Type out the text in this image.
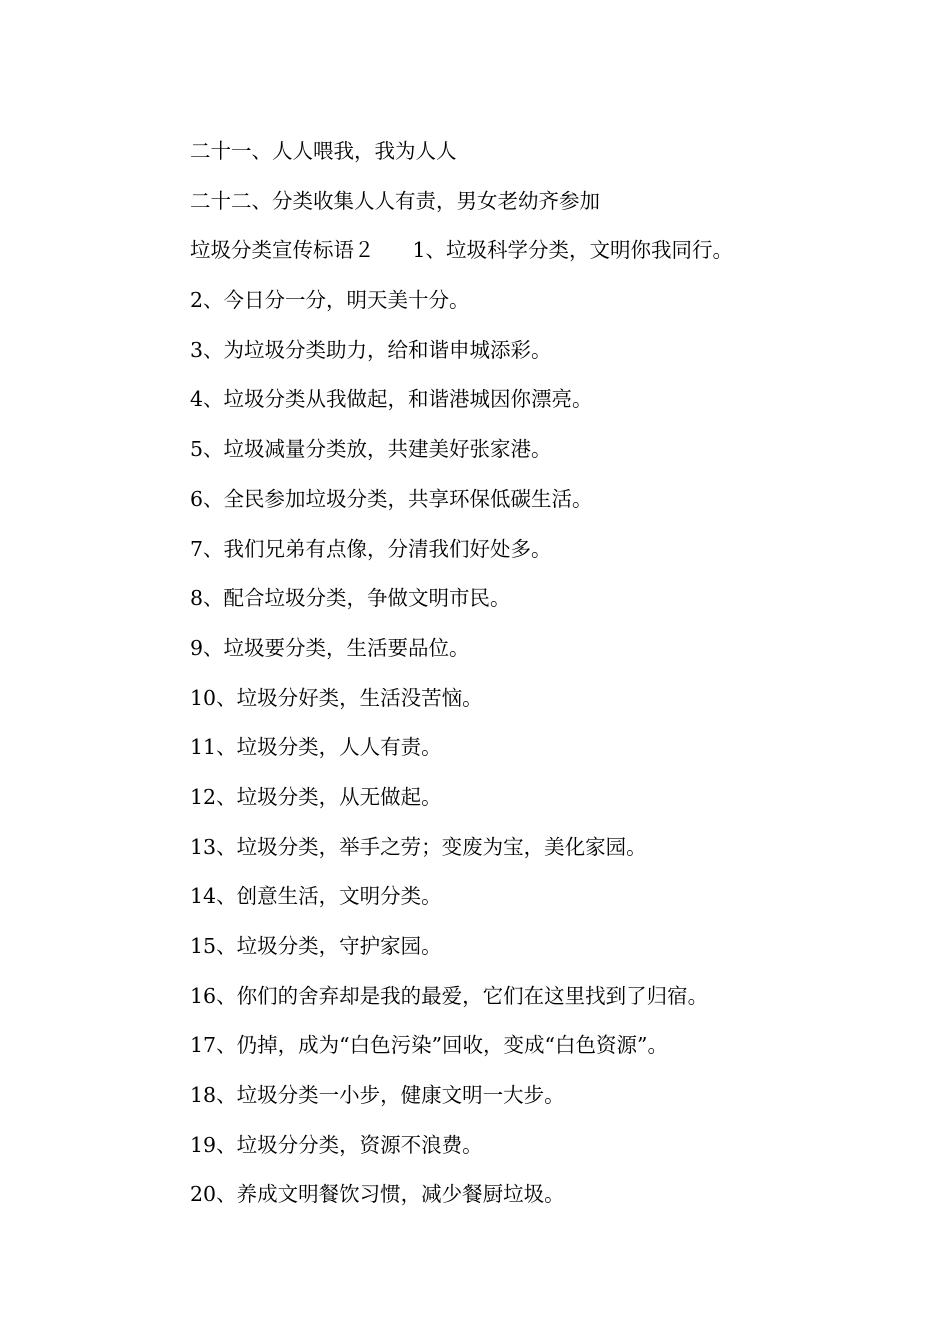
二十一、人人喂我，我为人人
二十二、分类收集人人有责，男女老幼齐参加
垃圾分类宣传标语２ 1、垃圾科学分类，文明你我同行。
2、今日分一分，明天美十分。
3、为垃圾分类助力，给和谐申城添彩。
4、垃圾分类从我做起，和谐港城因你漂亮。
5、垃圾减量分类放，共建美好张家港。
6、全民参加垃圾分类，共享环保低碳生活。
7、我们兄弟有点像，分清我们好处多。
8、配合垃圾分类，争做文明市民。
9、垃圾要分类，生活要品位。
10、垃圾分好类，生活没苦恼。
11、垃圾分类，人人有责。
12、垃圾分类，从无做起。
13、垃圾分类，举手之劳；变废为宝，美化家园。
14、创意生活，文明分类。
15、垃圾分类，守护家园。
16、你们的舍弃却是我的最爱，它们在这里找到了归宿。
17、仍掉，成为“白色污染”回收，变成“白色资源”。
18、垃圾分类一小步，健康文明一大步。
19、垃圾分分类，资源不浪费。
20、养成文明餐饮习惯，减少餐厨垃圾。
